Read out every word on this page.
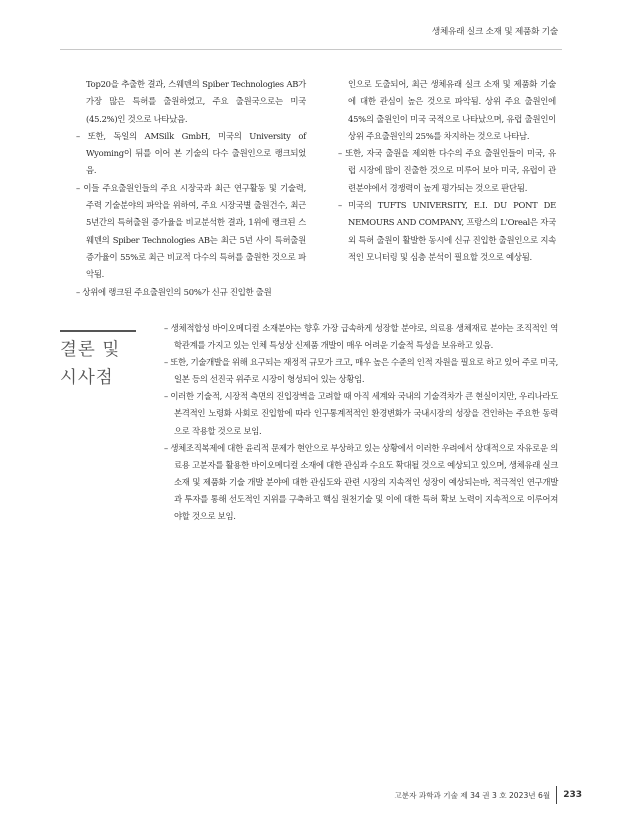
생체유래 실크 소재 및 제품화 기술

Top20을 추출한 결과, 스웨덴의 Spiber Technologies AB가 가장 많은 특허를 출원하였고, 주요 출원국으로는 미국(45.2%)인 것으로 나타났음.

– 또한, 독일의 AMSilk GmbH, 미국의 University of Wyoming이 뒤를 이어 본 기술의 다수 출원인으로 랭크되었음.

– 이들 주요출원인들의 주요 시장국과 최근 연구활동 및 기술력, 주력 기술분야의 파악을 위하여, 주요 시장국별 출원건수, 최근 5년간의 특허출원 증가율을 비교분석한 결과, 1위에 랭크된 스웨덴의 Spiber Technologies AB는 최근 5년 사이 특허출원 증가율이 55%로 최근 비교적 다수의 특허를 출원한 것으로 파악됨.

– 상위에 랭크된 주요출원인의 50%가 신규 진입한 출원

인으로 도출되어, 최근 생체유래 실크 소재 및 제품화 기술에 대한 관심이 높은 것으로 파악됨. 상위 주요 출원인에 45%의 출원인이 미국 국적으로 나타났으며, 유럽 출원인이 상위 주요출원인의 25%를 차지하는 것으로 나타남.

– 또한, 자국 출원을 제외한 다수의 주요 출원인들이 미국, 유럽 시장에 많이 진출한 것으로 미루어 보아 미국, 유럽이 관련분야에서 경쟁력이 높게 평가되는 것으로 판단됨.

– 미국의 TUFTS UNIVERSITY, E.I. DU PONT DE NEMOURS AND COMPANY, 프랑스의 L'Oreal은 자국외 특허 출원이 활발한 동시에 신규 진입한 출원인으로 지속적인 모니터링 및 심층 분석이 필요할 것으로 예상됨.

결론 및
시사점

– 생체적합성 바이오메디컬 소재분야는 향후 가장 급속하게 성장할 분야로, 의료용 생체재료 분야는 조직적인 역학관계를 가지고 있는 인체 특성상 신제품 개발이 매우 어려운 기술적 특성을 보유하고 있음.

– 또한, 기술개발을 위해 요구되는 재정적 규모가 크고, 매우 높은 수준의 인적 자원을 필요로 하고 있어 주로 미국, 일본 등의 선진국 위주로 시장이 형성되어 있는 상황임.

– 이러한 기술적, 시장적 측면의 진입장벽을 고려할 때 아직 세계와 국내의 기술격차가 큰 현실이지만, 우리나라도 본격적인 노령화 사회로 진입함에 따라 인구통계적적인 환경변화가 국내시장의 성장을 견인하는 주요한 동력으로 작용할 것으로 보임.

– 생체조직복제에 대한 윤리적 문제가 현안으로 부상하고 있는 상황에서 이러한 우려에서 상대적으로 자유로운 의료용 고분자를 활용한 바이오메디컬 소재에 대한 관심과 수요도 확대될 것으로 예상되고 있으며, 생체유래 실크 소재 및 제품화 기술 개발 분야에 대한 관심도와 관련 시장의 지속적인 성장이 예상되는바, 적극적인 연구개발과 투자를 통해 선도적인 지위를 구축하고 핵심 원천기술 및 이에 대한 특허 확보 노력이 지속적으로 이루어져야할 것으로 보임.

고분자 과학과 기술 제 34 권 3 호 2023년 6월 233
